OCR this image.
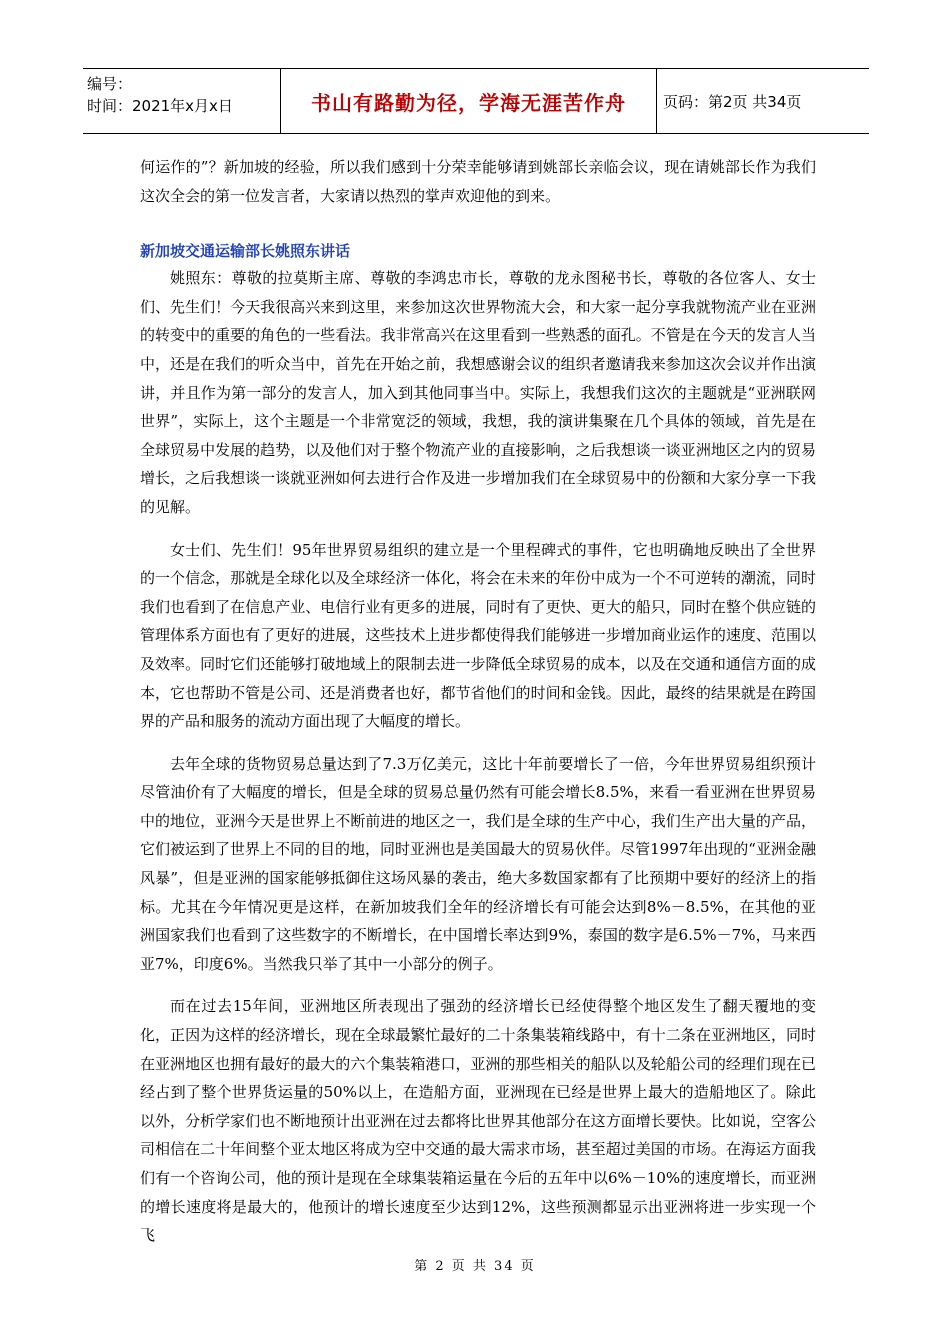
编号：
时间：2021年x月x日	书山有路勤为径，学海无涯苦作舟	页码：第2页 共34页

何运作的”？新加坡的经验，所以我们感到十分荣幸能够请到姚部长亲临会议，现在请姚部长作为我们这次全会的第一位发言者，大家请以热烈的掌声欢迎他的到来。

新加坡交通运输部长姚照东讲话

姚照东：尊敬的拉莫斯主席、尊敬的李鸿忠市长，尊敬的龙永图秘书长，尊敬的各位客人、女士们、先生们！今天我很高兴来到这里，来参加这次世界物流大会，和大家一起分享我就物流产业在亚洲的转变中的重要的角色的一些看法。我非常高兴在这里看到一些熟悉的面孔。不管是在今天的发言人当中，还是在我们的听众当中，首先在开始之前，我想感谢会议的组织者邀请我来参加这次会议并作出演讲，并且作为第一部分的发言人，加入到其他同事当中。实际上，我想我们这次的主题就是“亚洲联网世界”，实际上，这个主题是一个非常宽泛的领域，我想，我的演讲集聚在几个具体的领域，首先是在全球贸易中发展的趋势，以及他们对于整个物流产业的直接影响，之后我想谈一谈亚洲地区之内的贸易增长，之后我想谈一谈就亚洲如何去进行合作及进一步增加我们在全球贸易中的份额和大家分享一下我的见解。

女士们、先生们！95年世界贸易组织的建立是一个里程碑式的事件，它也明确地反映出了全世界的一个信念，那就是全球化以及全球经济一体化，将会在未来的年份中成为一个不可逆转的潮流，同时我们也看到了在信息产业、电信行业有更多的进展，同时有了更快、更大的船只，同时在整个供应链的管理体系方面也有了更好的进展，这些技术上进步都使得我们能够进一步增加商业运作的速度、范围以及效率。同时它们还能够打破地域上的限制去进一步降低全球贸易的成本，以及在交通和通信方面的成本，它也帮助不管是公司、还是消费者也好，都节省他们的时间和金钱。因此，最终的结果就是在跨国界的产品和服务的流动方面出现了大幅度的增长。

去年全球的货物贸易总量达到了7.3万亿美元，这比十年前要增长了一倍，今年世界贸易组织预计尽管油价有了大幅度的增长，但是全球的贸易总量仍然有可能会增长8.5%，来看一看亚洲在世界贸易中的地位，亚洲今天是世界上不断前进的地区之一，我们是全球的生产中心，我们生产出大量的产品，它们被运到了世界上不同的目的地，同时亚洲也是美国最大的贸易伙伴。尽管1997年出现的“亚洲金融风暴”，但是亚洲的国家能够抵御住这场风暴的袭击，绝大多数国家都有了比预期中要好的经济上的指标。尤其在今年情况更是这样，在新加坡我们全年的经济增长有可能会达到8%－8.5%，在其他的亚洲国家我们也看到了这些数字的不断增长，在中国增长率达到9%，泰国的数字是6.5%－7%，马来西亚7%，印度6%。当然我只举了其中一小部分的例子。

而在过去15年间，亚洲地区所表现出了强劲的经济增长已经使得整个地区发生了翻天覆地的变化，正因为这样的经济增长，现在全球最繁忙最好的二十条集装箱线路中，有十二条在亚洲地区，同时在亚洲地区也拥有最好的最大的六个集装箱港口，亚洲的那些相关的船队以及轮船公司的经理们现在已经占到了整个世界货运量的50%以上，在造船方面，亚洲现在已经是世界上最大的造船地区了。除此以外，分析学家们也不断地预计出亚洲在过去都将比世界其他部分在这方面增长要快。比如说，空客公司相信在二十年间整个亚太地区将成为空中交通的最大需求市场，甚至超过美国的市场。在海运方面我们有一个咨询公司，他的预计是现在全球集装箱运量在今后的五年中以6%－10%的速度增长，而亚洲的增长速度将是最大的，他预计的增长速度至少达到12%，这些预测都显示出亚洲将进一步实现一个飞

第 2 页 共 34 页
